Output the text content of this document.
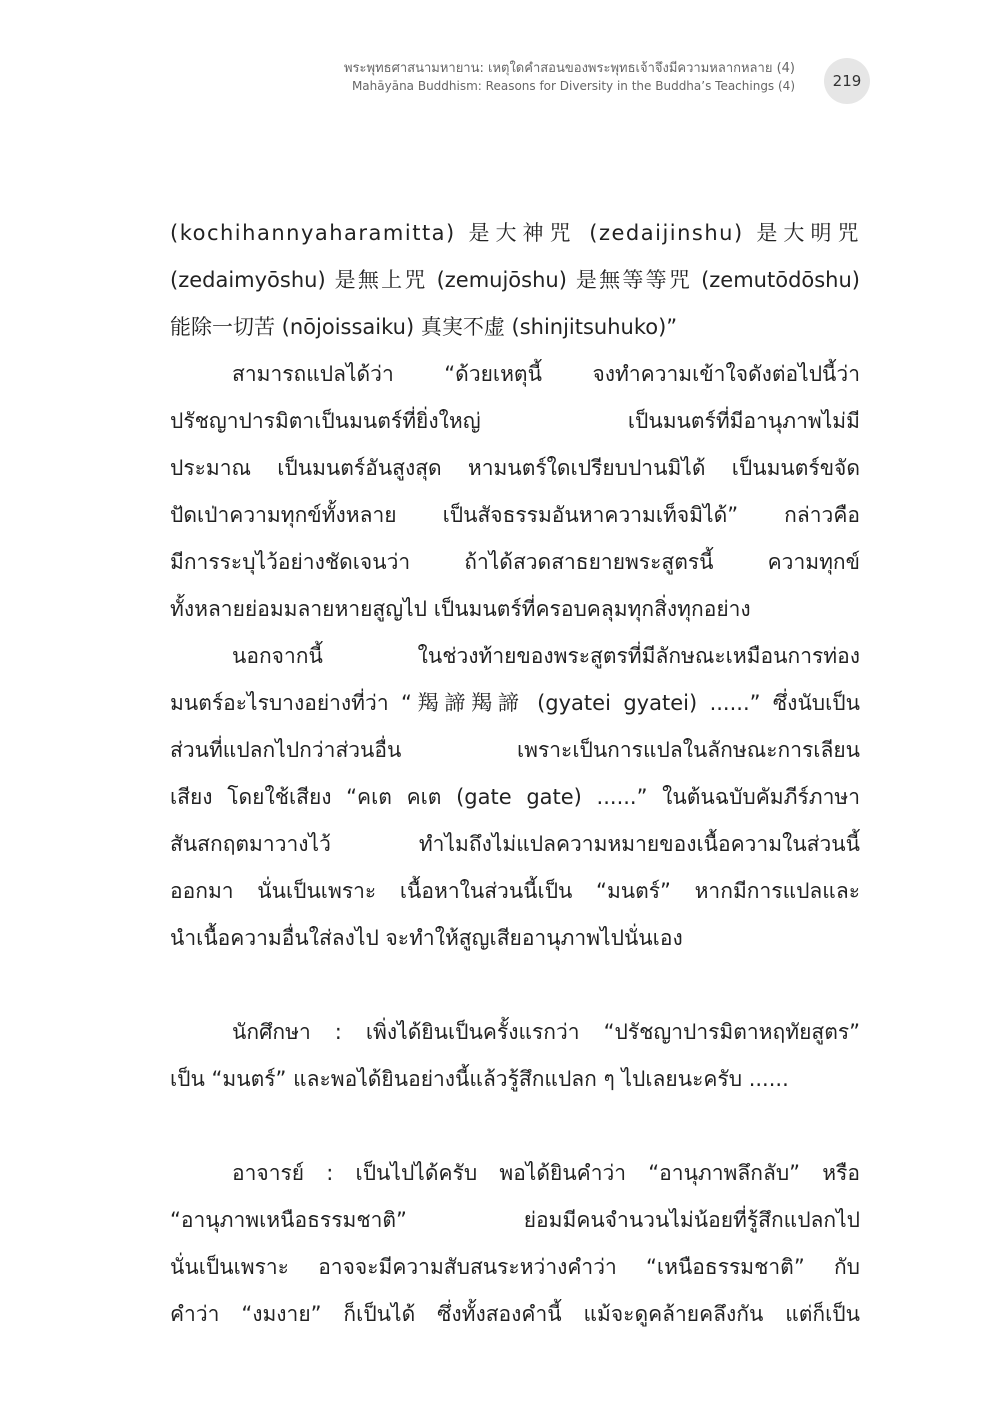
พระพุทธศาสนามหายาน: เหตุใดคำสอนของพระพุทธเจ้าจึงมีความหลากหลาย (4)
Mahāyāna Buddhism: Reasons for Diversity in the Buddha’s Teachings (4)	219

(kochihannyaharamitta) 是大神咒 (zedaijinshu) 是大明咒
(zedaimyōshu) 是無上咒 (zemujōshu) 是無等等咒 (zemutōdōshu)
能除一切苦 (nōjoissaiku) 真実不虚 (shinjitsuhuko)”

สามารถแปลได้ว่า “ด้วยเหตุนี้ จงทำความเข้าใจดังต่อไปนี้ว่า
ปรัชญาปารมิตาเป็นมนตร์ที่ยิ่งใหญ่ เป็นมนตร์ที่มีอานุภาพไม่มี
ประมาณ เป็นมนตร์อันสูงสุด หามนตร์ใดเปรียบปานมิได้ เป็นมนตร์ขจัด
ปัดเป่าความทุกข์ทั้งหลาย เป็นสัจธรรมอันหาความเท็จมิได้” กล่าวคือ
มีการระบุไว้อย่างชัดเจนว่า ถ้าได้สวดสาธยายพระสูตรนี้ ความทุกข์
ทั้งหลายย่อมมลายหายสูญไป เป็นมนตร์ที่ครอบคลุมทุกสิ่งทุกอย่าง

นอกจากนี้ ในช่วงท้ายของพระสูตรที่มีลักษณะเหมือนการท่อง
มนตร์อะไรบางอย่างที่ว่า “羯諦羯諦 (gyatei gyatei) ......” ซึ่งนับเป็น
ส่วนที่แปลกไปกว่าส่วนอื่น เพราะเป็นการแปลในลักษณะการเลียน
เสียง โดยใช้เสียง “คเต คเต (gate gate) ......” ในต้นฉบับคัมภีร์ภาษา
สันสกฤตมาวางไว้ ทำไมถึงไม่แปลความหมายของเนื้อความในส่วนนี้
ออกมา นั่นเป็นเพราะ เนื้อหาในส่วนนี้เป็น “มนตร์” หากมีการแปลและ
นำเนื้อความอื่นใส่ลงไป จะทำให้สูญเสียอานุภาพไปนั่นเอง

นักศึกษา : เพิ่งได้ยินเป็นครั้งแรกว่า “ปรัชญาปารมิตาหฤทัยสูตร”
เป็น “มนตร์” และพอได้ยินอย่างนี้แล้วรู้สึกแปลก ๆ ไปเลยนะครับ ......

อาจารย์ : เป็นไปได้ครับ พอได้ยินคำว่า “อานุภาพลึกลับ” หรือ
“อานุภาพเหนือธรรมชาติ” ย่อมมีคนจำนวนไม่น้อยที่รู้สึกแปลกไป
นั่นเป็นเพราะ อาจจะมีความสับสนระหว่างคำว่า “เหนือธรรมชาติ” กับ
คำว่า “งมงาย” ก็เป็นได้ ซึ่งทั้งสองคำนี้ แม้จะดูคล้ายคลึงกัน แต่ก็เป็น
